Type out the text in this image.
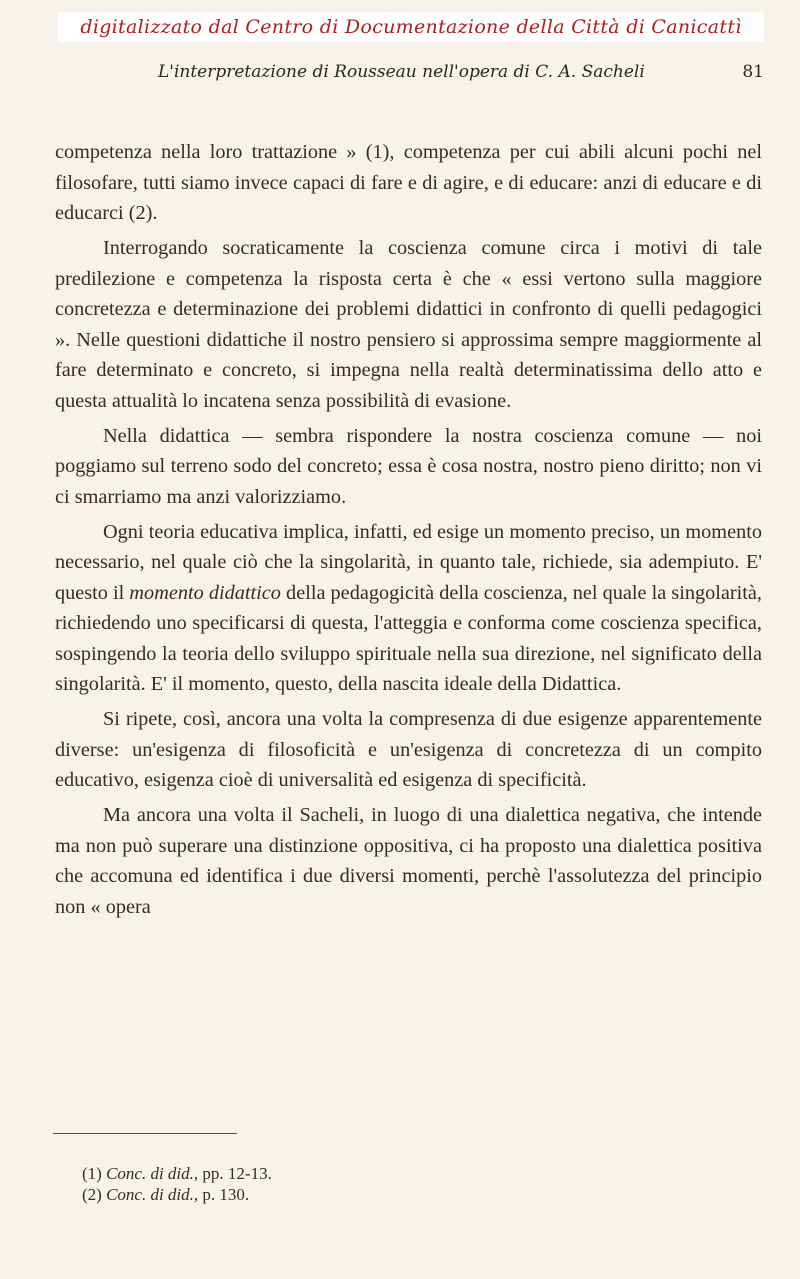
digitalizzato dal Centro di Documentazione della Città di Canicattì
L'interpretazione di Rousseau nell'opera di C. A. Sacheli	81

competenza nella loro trattazione » (1), competenza per cui abili alcuni pochi nel filosofare, tutti siamo invece capaci di fare e di agire, e di educare: anzi di educare e di educarci (2).

Interrogando socraticamente la coscienza comune circa i motivi di tale predilezione e competenza la risposta certa è che « essi vertono sulla maggiore concretezza e determinazione dei problemi didattici in confronto di quelli pedagogici ». Nelle questioni didattiche il nostro pensiero si approssima sempre maggiormente al fare determinato e concreto, si impegna nella realtà determinatissima dello atto e questa attualità lo incatena senza possibilità di evasione.

Nella didattica — sembra rispondere la nostra coscienza comune — noi poggiamo sul terreno sodo del concreto; essa è cosa nostra, nostro pieno diritto; non vi ci smarriamo ma anzi valorizziamo.

Ogni teoria educativa implica, infatti, ed esige un momento preciso, un momento necessario, nel quale ciò che la singolarità, in quanto tale, richiede, sia adempiuto. E' questo il momento didattico della pedagogicità della coscienza, nel quale la singolarità, richiedendo uno specificarsi di questa, l'atteggia e conforma come coscienza specifica, sospingendo la teoria dello sviluppo spirituale nella sua direzione, nel significato della singolarità. E' il momento, questo, della nascita ideale della Didattica.

Si ripete, così, ancora una volta la compresenza di due esigenze apparentemente diverse: un'esigenza di filosoficità e un'esigenza di concretezza di un compito educativo, esigenza cioè di universalità ed esigenza di specificità.

Ma ancora una volta il Sacheli, in luogo di una dialettica negativa, che intende ma non può superare una distinzione oppositiva, ci ha proposto una dialettica positiva che accomuna ed identifica i due diversi momenti, perchè l'assolutezza del principio non « opera

(1) Conc. di did., pp. 12-13.
(2) Conc. di did., p. 130.
